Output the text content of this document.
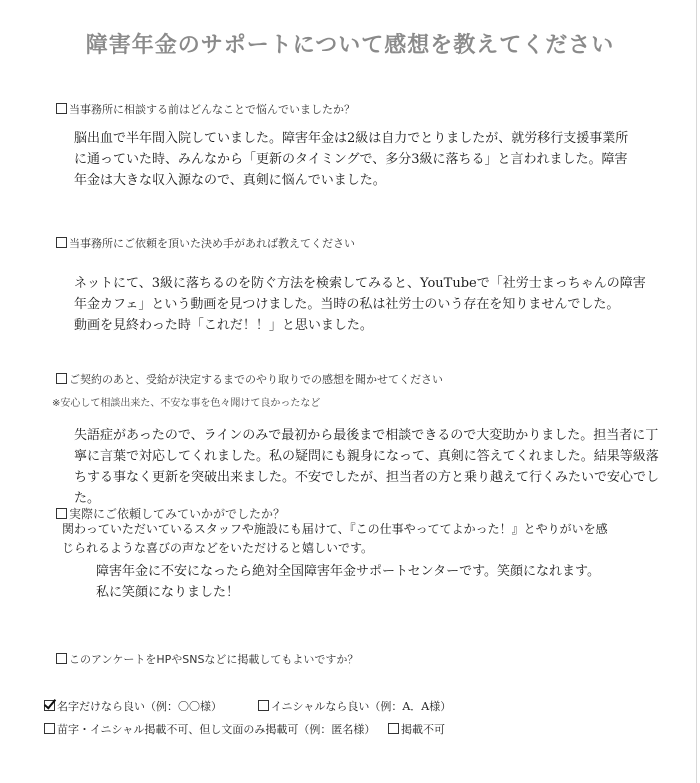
障害年金のサポートについて感想を教えてください
当事務所に相談する前はどんなことで悩んでいましたか？

脳出血で半年間入院していました。障害年金は2級は自力でとりましたが、就労移行支援事業所

に通っていた時、みんなから「更新のタイミングで、多分3級に落ちる」と言われました。障害

年金は大きな収入源なので、真剣に悩んでいました。

当事務所にご依頼を頂いた決め手があれば教えてください

ネットにて、3級に落ちるのを防ぐ方法を検索してみると、YouTubeで「社労士まっちゃんの障害

年金カフェ」という動画を見つけました。当時の私は社労士のいう存在を知りませんでした。

動画を見終わった時「これだ！！」と思いました。

ご契約のあと、受給が決定するまでのやり取りでの感想を聞かせてください
※安心して相談出来た、不安な事を色々聞けて良かったなど

失語症があったので、ラインのみで最初から最後まで相談できるので大変助かりました。担当者に丁

寧に言葉で対応してくれました。私の疑問にも親身になって、真剣に答えてくれました。結果等級落

ちする事なく更新を突破出来ました。不安でしたが、担当者の方と乗り越えて行くみたいで安心でし

た。

実際にご依頼してみていかがでしたか？

関わっていただいているスタッフや施設にも届けて、『この仕事やっててよかった！』とやりがいを感

じられるような喜びの声などをいただけると嬉しいです。

障害年金に不安になったら絶対全国障害年金サポートセンターです。笑顔になれます。

私に笑顔になりました！

このアンケートをHPやSNSなどに掲載してもよいですか？
名字だけなら良い（例：〇〇様）	イニシャルなら良い（例：A．A様）
苗字・イニシャル掲載不可、但し文面のみ掲載可（例：匿名様）	掲載不可
